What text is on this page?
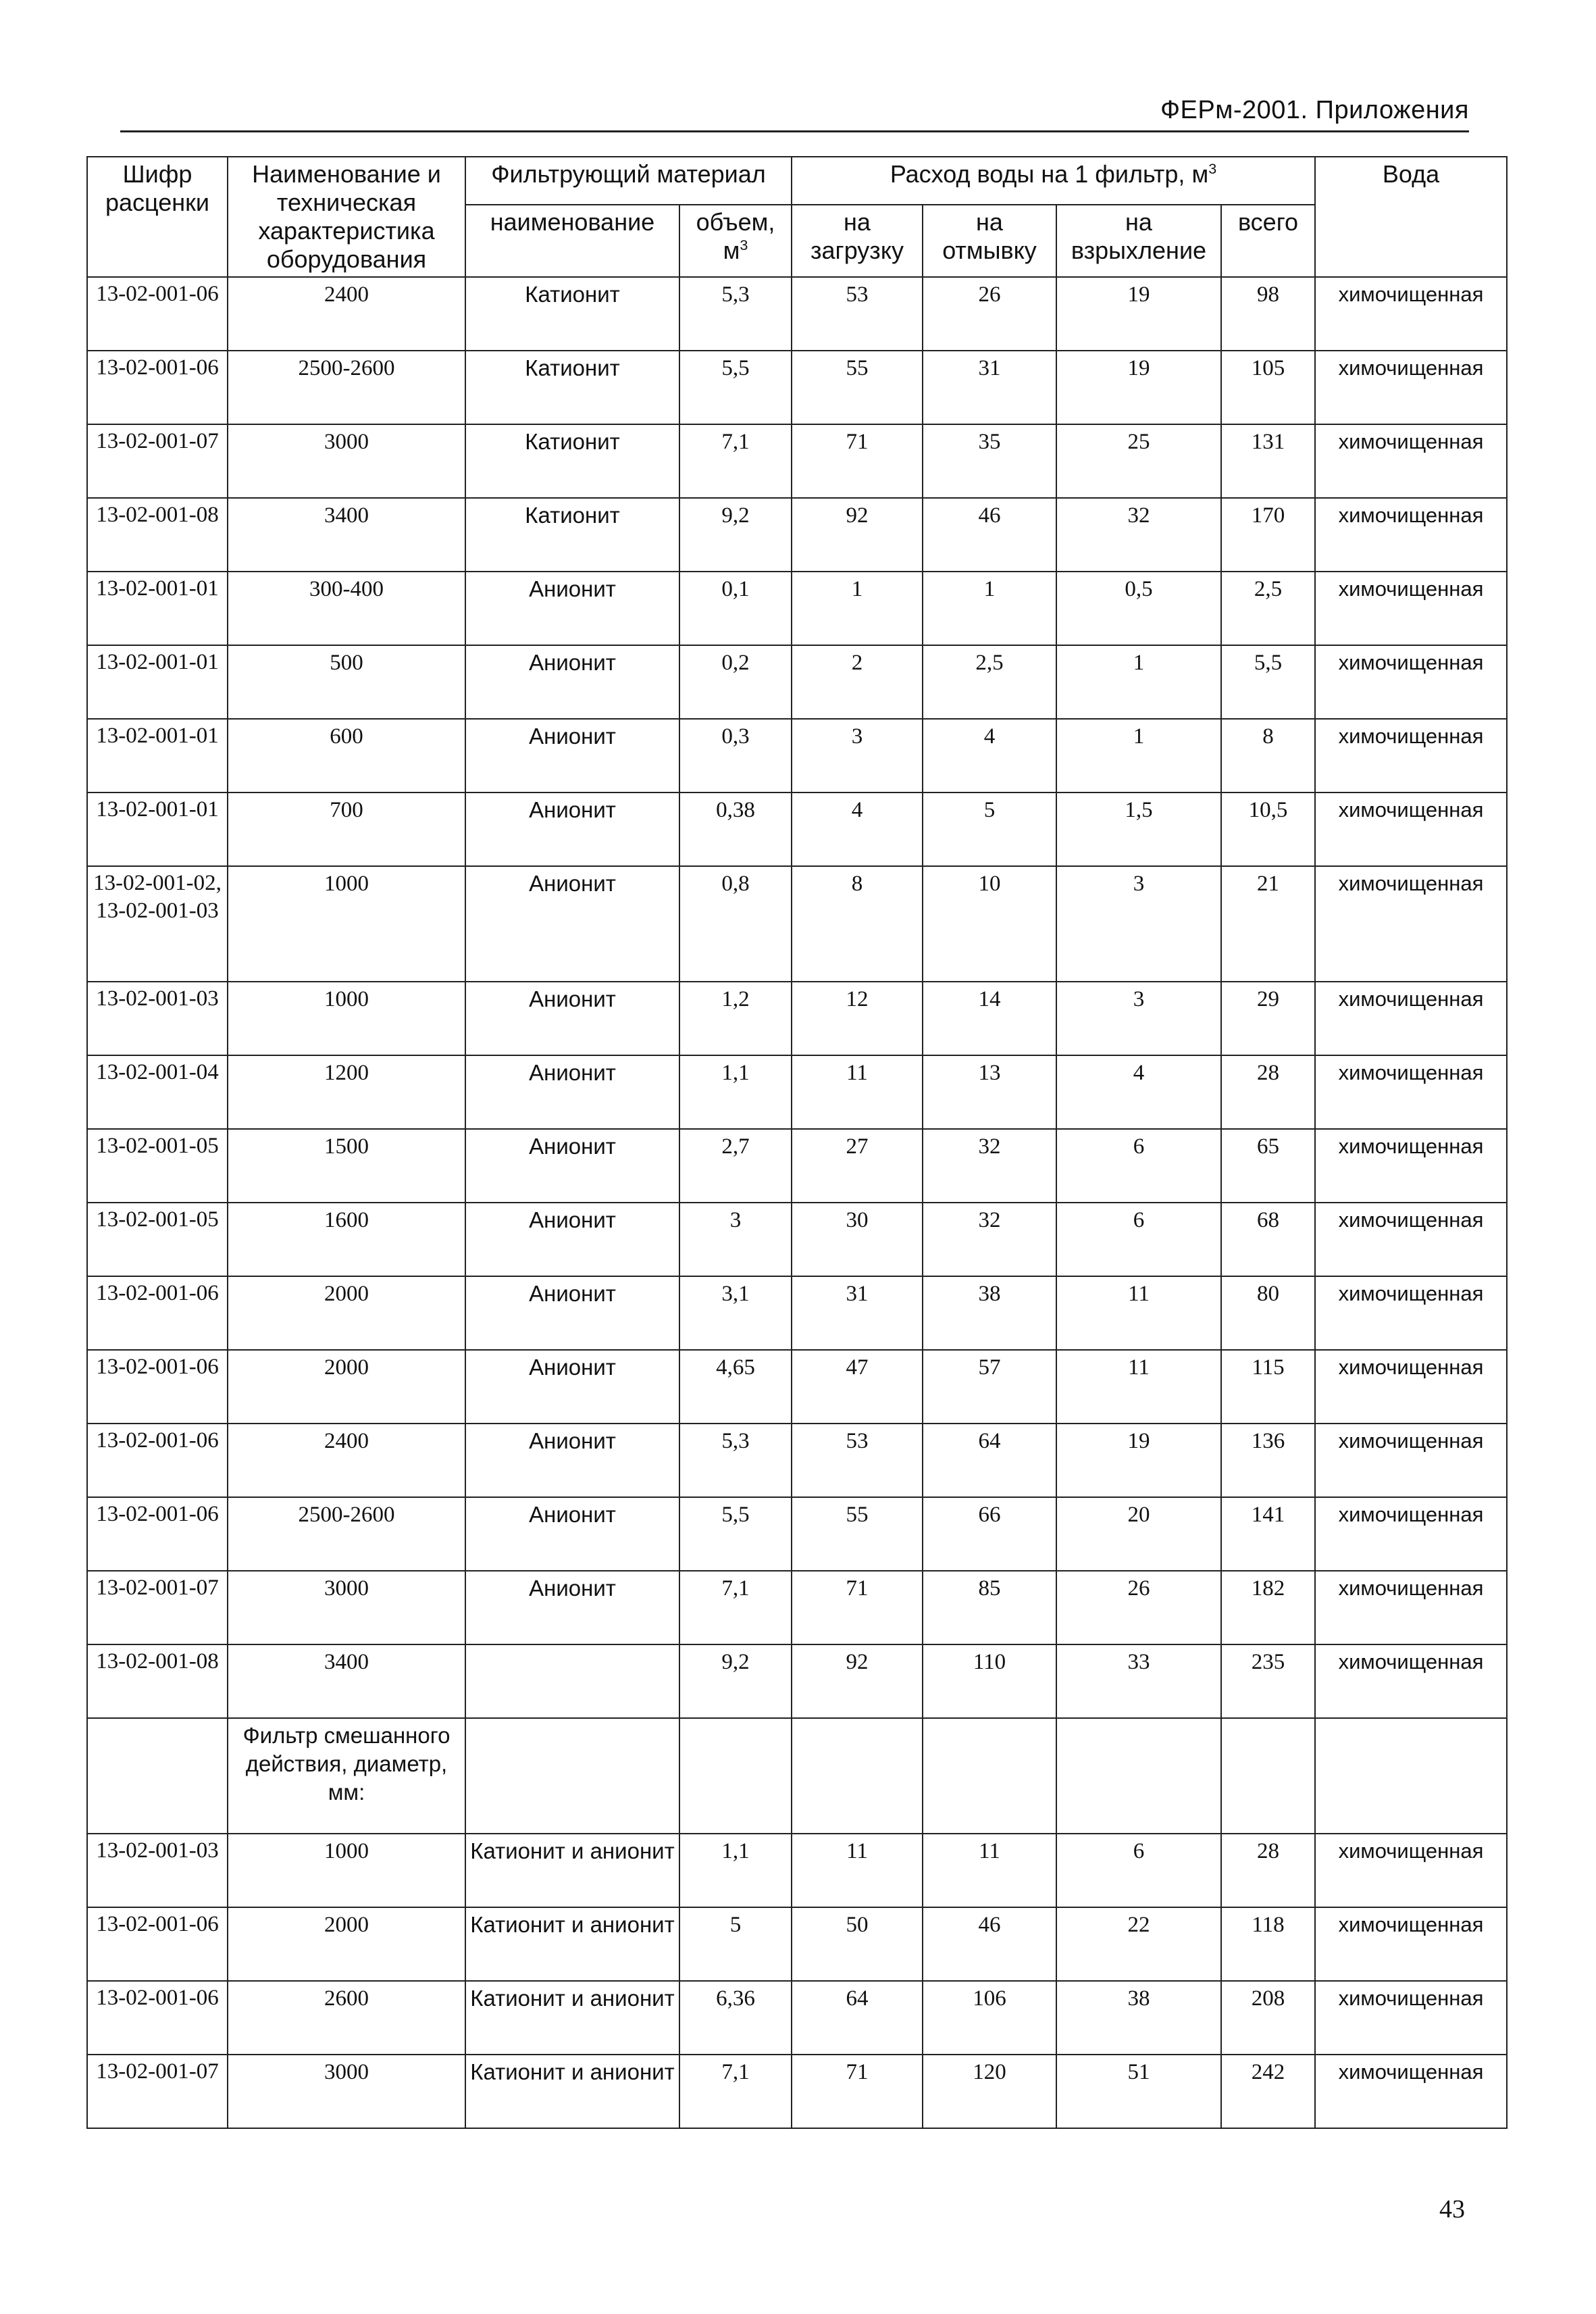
ФЕРм-2001. Приложения
Шифр расценки	Наименование и техническая характеристика оборудования	Фильтрующий материал		Расход воды на 1 фильтр, $м^3$				Вода
		наименование	объем, $м^3$	на загрузку	на отмывку	на взрыхление	всего	
13-02-001-06	2400	Катионит	5,3	53	26	19	98	химочищенная
13-02-001-06	2500-2600	Катионит	5,5	55	31	19	105	химочищенная
13-02-001-07	3000	Катионит	7,1	71	35	25	131	химочищенная
13-02-001-08	3400	Катионит	9,2	92	46	32	170	химочищенная
13-02-001-01	300-400	Анионит	0,1	1	1	0,5	2,5	химочищенная
13-02-001-01	500	Анионит	0,2	2	2,5	1	5,5	химочищенная
13-02-001-01	600	Анионит	0,3	3	4	1	8	химочищенная
13-02-001-01	700	Анионит	0,38	4	5	1,5	10,5	химочищенная
13-02-001-02, 13-02-001-03	1000	Анионит	0,8	8	10	3	21	химочищенная
13-02-001-03	1000	Анионит	1,2	12	14	3	29	химочищенная
13-02-001-04	1200	Анионит	1,1	11	13	4	28	химочищенная
13-02-001-05	1500	Анионит	2,7	27	32	6	65	химочищенная
13-02-001-05	1600	Анионит	3	30	32	6	68	химочищенная
13-02-001-06	2000	Анионит	3,1	31	38	11	80	химочищенная
13-02-001-06	2000	Анионит	4,65	47	57	11	115	химочищенная
13-02-001-06	2400	Анионит	5,3	53	64	19	136	химочищенная
13-02-001-06	2500-2600	Анионит	5,5	55	66	20	141	химочищенная
13-02-001-07	3000	Анионит	7,1	71	85	26	182	химочищенная
13-02-001-08	3400		9,2	92	110	33	235	химочищенная
	Фильтр смешанного действия, диаметр, мм:							
13-02-001-03	1000	Катионит и анионит	1,1	11	11	6	28	химочищенная
13-02-001-06	2000	Катионит и анионит	5	50	46	22	118	химочищенная
13-02-001-06	2600	Катионит и анионит	6,36	64	106	38	208	химочищенная
13-02-001-07	3000	Катионит и анионит	7,1	71	120	51	242	химочищенная
43
